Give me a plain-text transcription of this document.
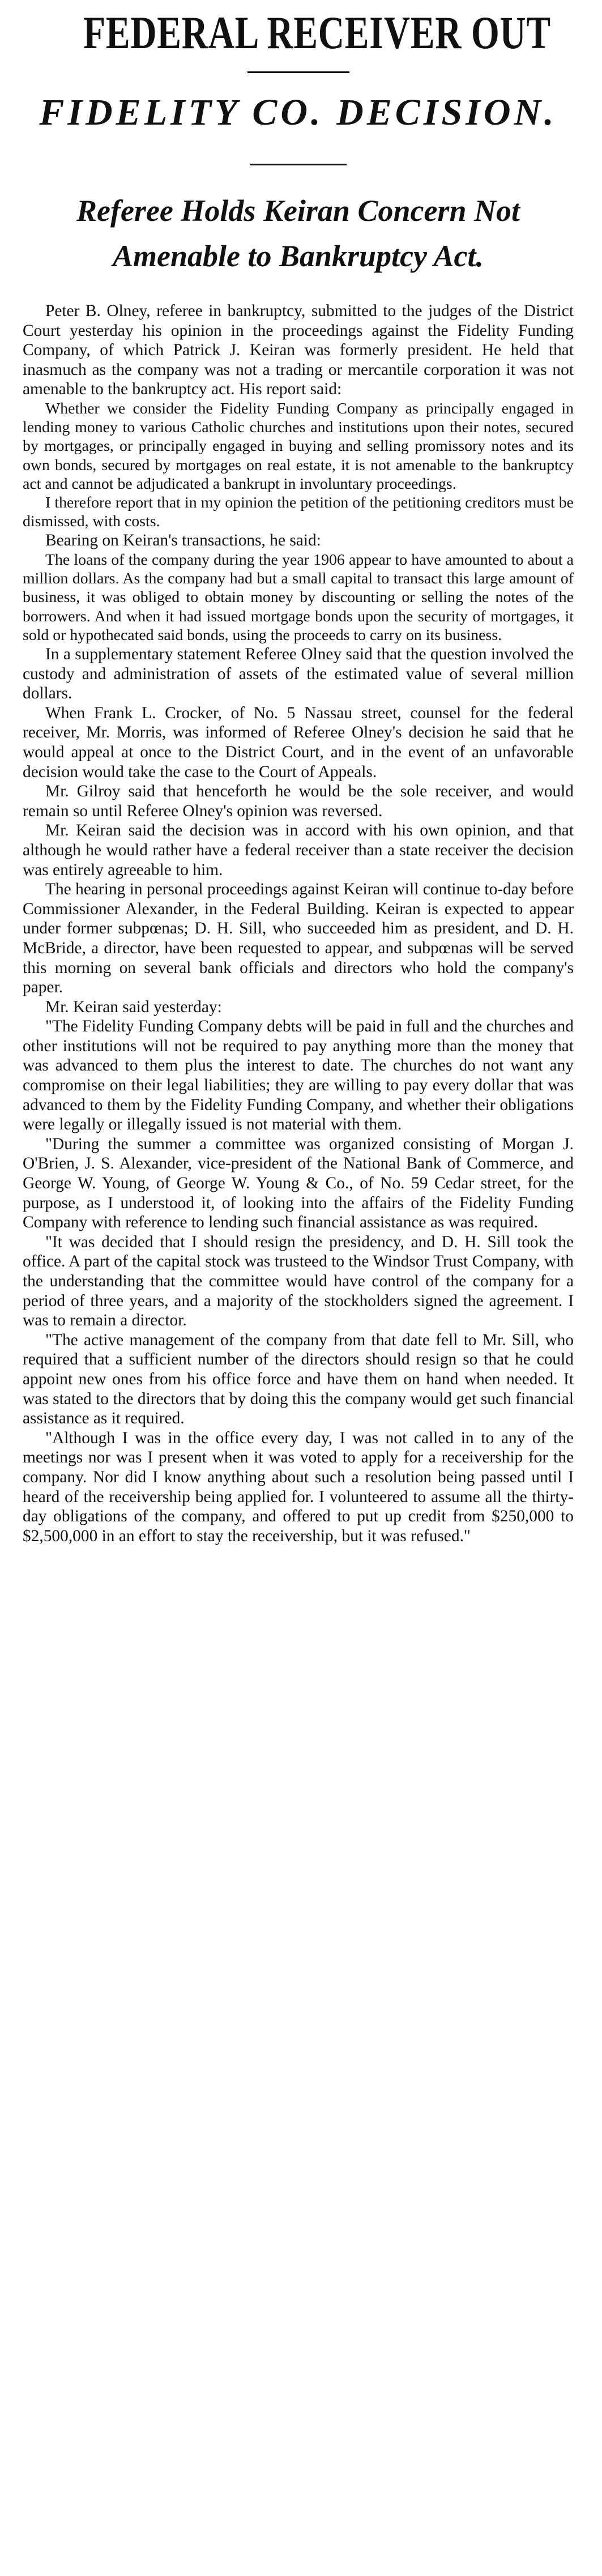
FEDERAL RECEIVER OUT
FIDELITY CO. DECISION.
Referee Holds Keiran Concern Not Amenable to Bankruptcy Act.

Peter B. Olney, referee in bankruptcy, submitted to the judges of the District Court yesterday his opinion in the proceedings against the Fidelity Funding Company, of which Patrick J. Keiran was formerly president. He held that inasmuch as the company was not a trading or mercantile corporation it was not amenable to the bankruptcy act. His report said:

Whether we consider the Fidelity Funding Company as principally engaged in lending money to various Catholic churches and institutions upon their notes, secured by mortgages, or principally engaged in buying and selling promissory notes and its own bonds, secured by mortgages on real estate, it is not amenable to the bankruptcy act and cannot be adjudicated a bankrupt in involuntary proceedings.

I therefore report that in my opinion the petition of the petitioning creditors must be dismissed, with costs.

Bearing on Keiran's transactions, he said:

The loans of the company during the year 1906 appear to have amounted to about a million dollars. As the company had but a small capital to transact this large amount of business, it was obliged to obtain money by discounting or selling the notes of the borrowers. And when it had issued mortgage bonds upon the security of mortgages, it sold or hypothecated said bonds, using the proceeds to carry on its business.

In a supplementary statement Referee Olney said that the question involved the custody and administration of assets of the estimated value of several million dollars.

When Frank L. Crocker, of No. 5 Nassau street, counsel for the federal receiver, Mr. Morris, was informed of Referee Olney's decision he said that he would appeal at once to the District Court, and in the event of an unfavorable decision would take the case to the Court of Appeals.

Mr. Gilroy said that henceforth he would be the sole receiver, and would remain so until Referee Olney's opinion was reversed.

Mr. Keiran said the decision was in accord with his own opinion, and that although he would rather have a federal receiver than a state receiver the decision was entirely agreeable to him.

The hearing in personal proceedings against Keiran will continue to-day before Commissioner Alexander, in the Federal Building. Keiran is expected to appear under former subpœnas; D. H. Sill, who succeeded him as president, and D. H. McBride, a director, have been requested to appear, and subpœnas will be served this morning on several bank officials and directors who hold the company's paper.

Mr. Keiran said yesterday:

"The Fidelity Funding Company debts will be paid in full and the churches and other institutions will not be required to pay anything more than the money that was advanced to them plus the interest to date. The churches do not want any compromise on their legal liabilities; they are willing to pay every dollar that was advanced to them by the Fidelity Funding Company, and whether their obligations were legally or illegally issued is not material with them.

"During the summer a committee was organized consisting of Morgan J. O'Brien, J. S. Alexander, vice-president of the National Bank of Commerce, and George W. Young, of George W. Young & Co., of No. 59 Cedar street, for the purpose, as I understood it, of looking into the affairs of the Fidelity Funding Company with reference to lending such financial assistance as was required.

"It was decided that I should resign the presidency, and D. H. Sill took the office. A part of the capital stock was trusteed to the Windsor Trust Company, with the understanding that the committee would have control of the company for a period of three years, and a majority of the stockholders signed the agreement. I was to remain a director.

"The active management of the company from that date fell to Mr. Sill, who required that a sufficient number of the directors should resign so that he could appoint new ones from his office force and have them on hand when needed. It was stated to the directors that by doing this the company would get such financial assistance as it required.

"Although I was in the office every day, I was not called in to any of the meetings nor was I present when it was voted to apply for a receivership for the company. Nor did I know anything about such a resolution being passed until I heard of the receivership being applied for. I volunteered to assume all the thirty-day obligations of the company, and offered to put up credit from $250,000 to $2,500,000 in an effort to stay the receivership, but it was refused."
